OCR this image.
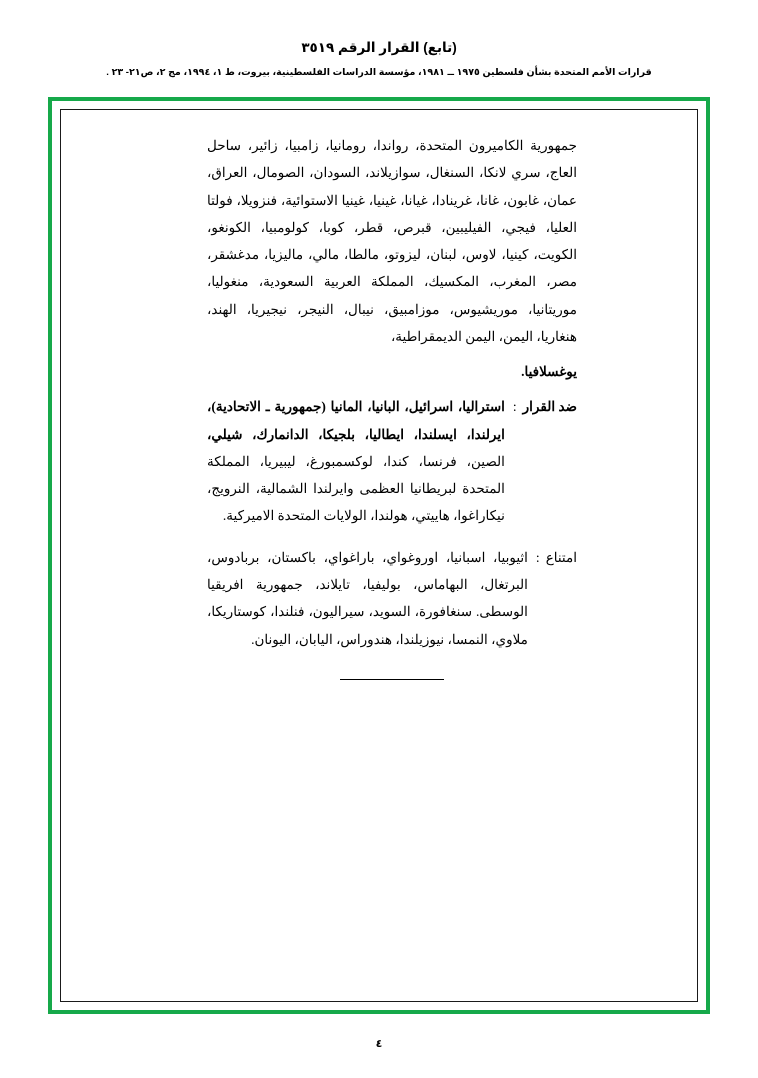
(تابع) القرار الرقم ٣٥١٩
قرارات الأمم المتحدة بشأن فلسطين ١٩٧٥ ــ ١٩٨١، مؤسسة الدراسات الفلسطينية، بيروت، ط ١، ١٩٩٤، مج ٢، ص٢١- ٢٣ .

جمهورية الكاميرون المتحدة، رواندا، رومانيا، زامبيا، زائير، ساحل العاج، سري لانكا، السنغال، سوازيلاند، السودان، الصومال، العراق، عمان، غابون، غانا، غرينادا، غيانا، غينيا، غينيا الاستوائية، فنزويلا، فولتا العليا، فيجي، الفيليبين، قبرص، قطر، كوبا، كولومبيا، الكونغو، الكويت، كينيا، لاوس، لبنان، ليزوتو، مالطا، مالي، ماليزيا، مدغشقر، مصر، المغرب، المكسيك، المملكة العربية السعودية، منغوليا، موريتانيا، موريشيوس، موزامبيق، نيبال، النيجر، نيجيريا، الهند، هنغاريا، اليمن، اليمن الديمقراطية،

يوغسلافيا.

ضد القرار
:
استراليا، اسرائيل، البانيا، المانيا (جمهورية ـ الاتحادية)، ايرلندا، ايسلندا، ايطاليا، بلجيكا، الدانمارك، شيلي، الصين، فرنسا، كندا، لوكسمبورغ، ليبيريا، المملكة المتحدة لبريطانيا العظمى وايرلندا الشمالية، النرويج، نيكاراغوا، هاييتي، هولندا، الولايات المتحدة الاميركية.
امتناع
:
اثيوبيا، اسبانيا، اوروغواي، باراغواي، باكستان، بربادوس، البرتغال، البهاماس، بوليفيا، تايلاند، جمهورية افريقيا الوسطى. سنغافورة، السويد، سيراليون، فنلندا، كوستاريكا، ملاوي، النمسا، نيوزيلندا، هندوراس، اليابان، اليونان.
٤
